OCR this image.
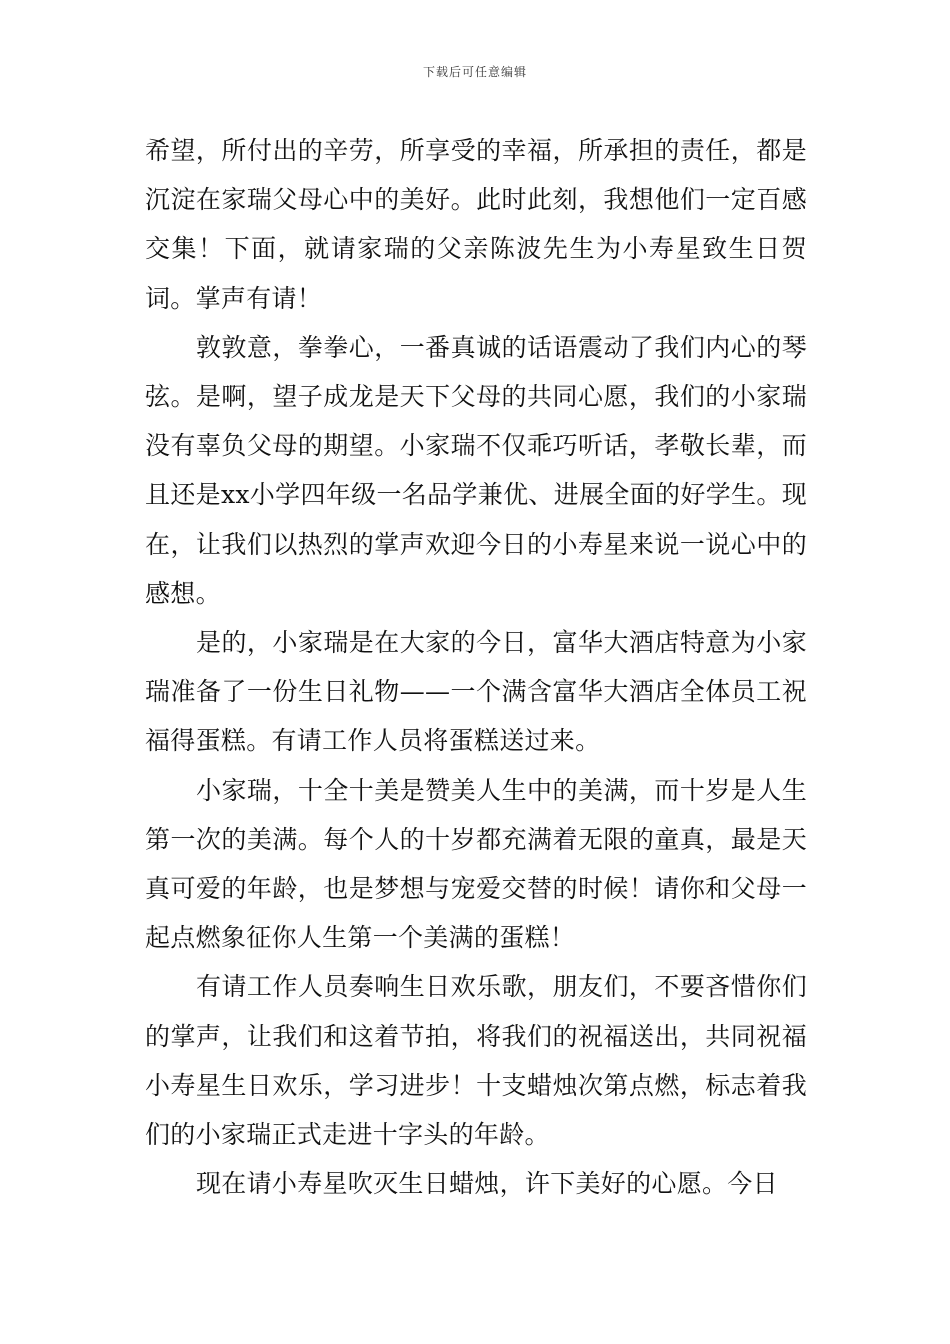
下载后可任意编辑

希望，所付出的辛劳，所享受的幸福，所承担的责任，都是沉淀在家瑞父母心中的美好。此时此刻，我想他们一定百感交集！下面，就请家瑞的父亲陈波先生为小寿星致生日贺词。掌声有请！

敦敦意，拳拳心，一番真诚的话语震动了我们内心的琴弦。是啊，望子成龙是天下父母的共同心愿，我们的小家瑞没有辜负父母的期望。小家瑞不仅乖巧听话，孝敬长辈，而且还是xx小学四年级一名品学兼优、进展全面的好学生。现在，让我们以热烈的掌声欢迎今日的小寿星来说一说心中的感想。

是的，小家瑞是在大家的今日，富华大酒店特意为小家瑞准备了一份生日礼物——一个满含富华大酒店全体员工祝福得蛋糕。有请工作人员将蛋糕送过来。

小家瑞，十全十美是赞美人生中的美满，而十岁是人生第一次的美满。每个人的十岁都充满着无限的童真，最是天真可爱的年龄，也是梦想与宠爱交替的时候！请你和父母一起点燃象征你人生第一个美满的蛋糕！

有请工作人员奏响生日欢乐歌，朋友们，不要吝惜你们的掌声，让我们和这着节拍，将我们的祝福送出，共同祝福小寿星生日欢乐，学习进步！十支蜡烛次第点燃，标志着我们的小家瑞正式走进十字头的年龄。

现在请小寿星吹灭生日蜡烛，许下美好的心愿。今日
